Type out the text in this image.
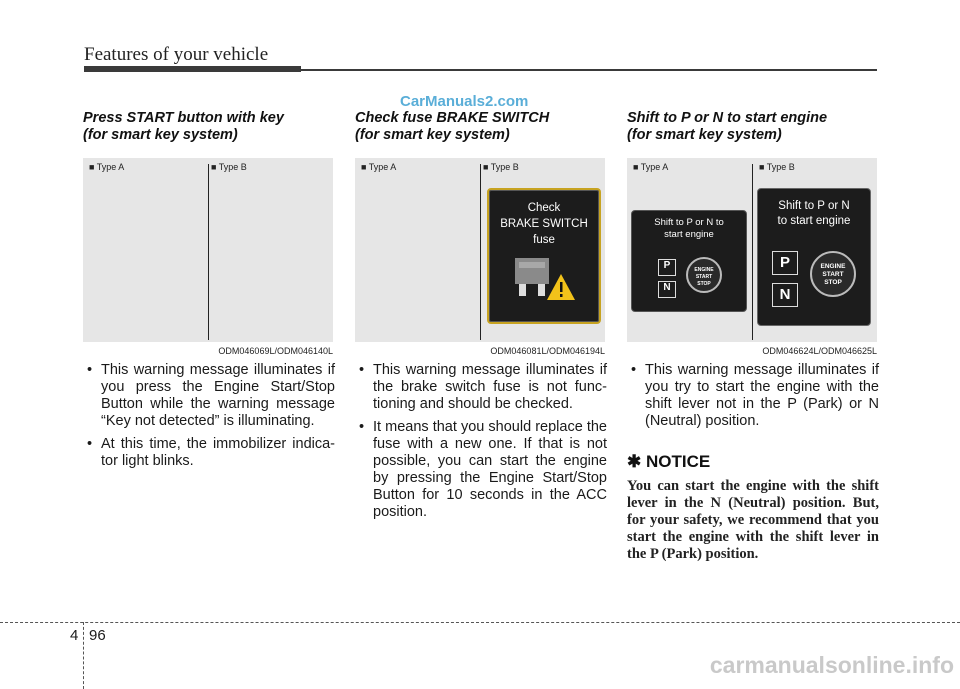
Features of your vehicle
CarManuals2.com
Press START button with key
(for smart key system)
■ Type A	■ Type B
ODM046069L/ODM046140L
• This warning message illuminates if you press the Engine Start/Stop Button while the warning message “Key not detected” is illuminating.
• At this time, the immobilizer indica- tor light blinks.
Check fuse BRAKE SWITCH
(for smart key system)
■ Type A	■ Type B
Check
BRAKE SWITCH
fuse
ODM046081L/ODM046194L
• This warning message illuminates if the brake switch fuse is not func- tioning and should be checked.
• It means that you should replace the fuse with a new one. If that is not possible, you can start the engine by pressing the Engine Start/Stop Button for 10 seconds in the ACC position.
Shift to P or N to start engine
(for smart key system)
■ Type A	■ Type B
Shift to P or N to
start engine
P
N
ENGINE
START
STOP
Shift to P or N
to start engine
P
N
ENGINE
START
STOP
ODM046624L/ODM046625L
• This warning message illuminates if you try to start the engine with the shift lever not in the P (Park) or N (Neutral) position.
✱ NOTICE
You can start the engine with the shift lever in the N (Neutral) position. But, for your safety, we recommend that you start the engine with the shift lever in the P (Park) position.
4 96
carmanualsonline.info
